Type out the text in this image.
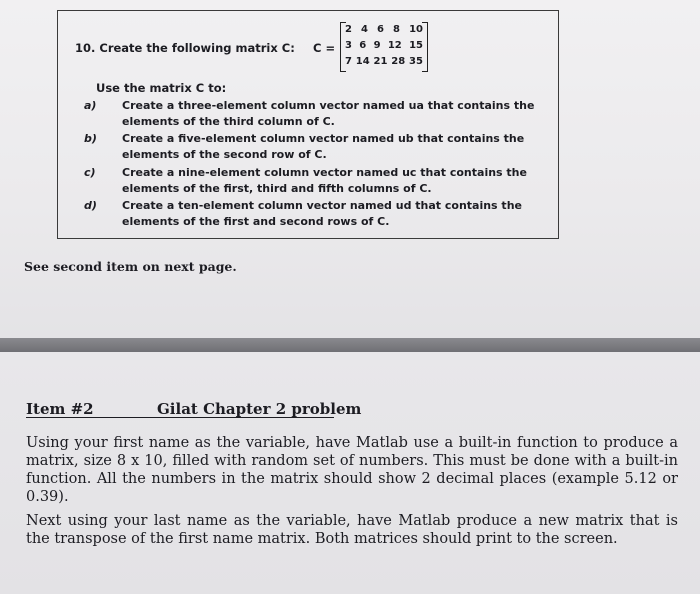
10. Create the following matrix C: C =
2 4 6 8 10
3 6 9 12 15
7 14 21 28 35
Use the matrix C to:
a)	Create a three-element column vector named ua that contains the elements of the third column of C.
b)	Create a five-element column vector named ub that contains the elements of the second row of C.
c)	Create a nine-element column vector named uc that contains the elements of the first, third and fifth columns of C.
d)	Create a ten-element column vector named ud that contains the elements of the first and second rows of C.
See second item on next page.
Item #2	Gilat Chapter 2 problem
Using your first name as the variable, have Matlab use a built-in function to produce a matrix, size 8 x 10, filled with random set of numbers. This must be done with a built-in function. All the numbers in the matrix should show 2 decimal places (example 5.12 or 0.39).
Next using your last name as the variable, have Matlab produce a new matrix that is the transpose of the first name matrix. Both matrices should print to the screen.
